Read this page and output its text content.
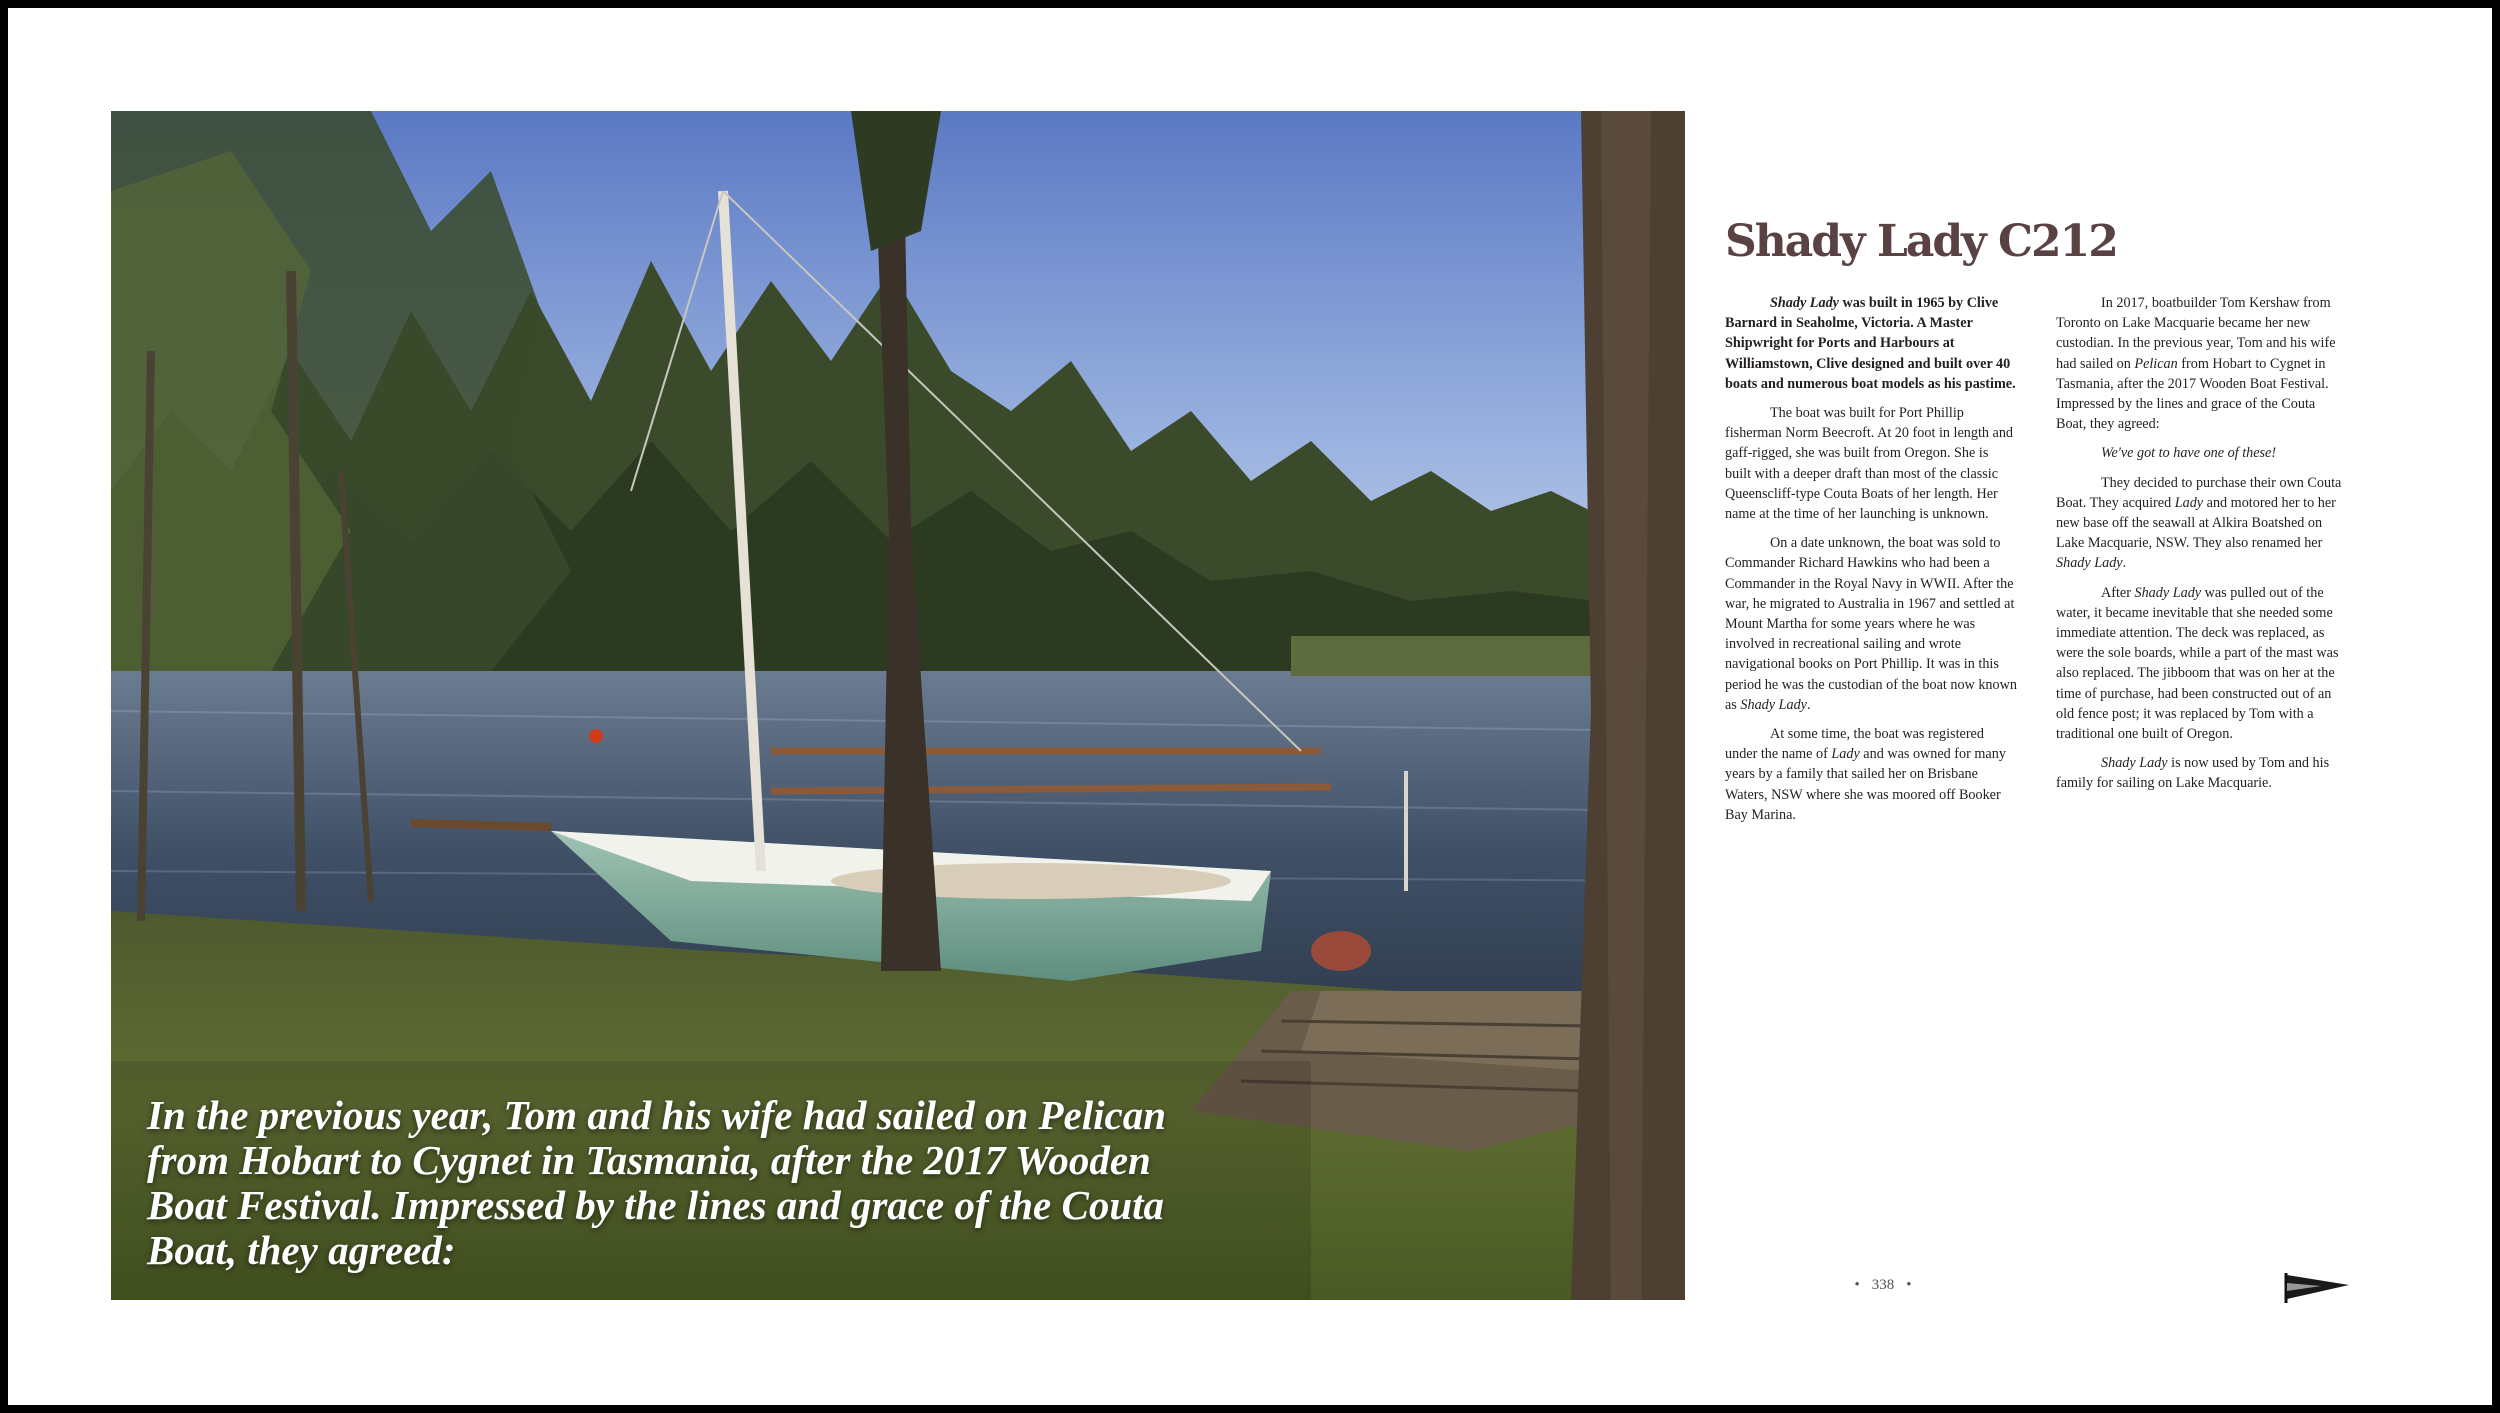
In the previous year, Tom and his wife had sailed on Pelican from Hobart to Cygnet in Tasmania, after the 2017 Wooden Boat Festival. Impressed by the lines and grace of the Couta Boat, they agreed:
Shady Lady C212

Shady Lady was built in 1965 by Clive Barnard in Seaholme, Victoria. A Master Shipwright for Ports and Harbours at Williamstown, Clive designed and built over 40 boats and numerous boat models as his pastime.

The boat was built for Port Phillip fisherman Norm Beecroft. At 20 foot in length and gaff-rigged, she was built from Oregon. She is built with a deeper draft than most of the classic Queenscliff-type Couta Boats of her length. Her name at the time of her launching is unknown.

On a date unknown, the boat was sold to Commander Richard Hawkins who had been a Commander in the Royal Navy in WWII. After the war, he migrated to Australia in 1967 and settled at Mount Martha for some years where he was involved in recreational sailing and wrote navigational books on Port Phillip. It was in this period he was the custodian of the boat now known as Shady Lady.

At some time, the boat was registered under the name of Lady and was owned for many years by a family that sailed her on Brisbane Waters, NSW where she was moored off Booker Bay Marina.

In 2017, boatbuilder Tom Kershaw from Toronto on Lake Macquarie became her new custodian. In the previous year, Tom and his wife had sailed on Pelican from Hobart to Cygnet in Tasmania, after the 2017 Wooden Boat Festival. Impressed by the lines and grace of the Couta Boat, they agreed:

We've got to have one of these!

They decided to purchase their own Couta Boat. They acquired Lady and motored her to her new base off the seawall at Alkira Boatshed on Lake Macquarie, NSW. They also renamed her Shady Lady.

After Shady Lady was pulled out of the water, it became inevitable that she needed some immediate attention. The deck was replaced, as were the sole boards, while a part of the mast was also replaced. The jibboom that was on her at the time of purchase, had been constructed out of an old fence post; it was replaced by Tom with a traditional one built of Oregon.

Shady Lady is now used by Tom and his family for sailing on Lake Macquarie.

• 338 •
